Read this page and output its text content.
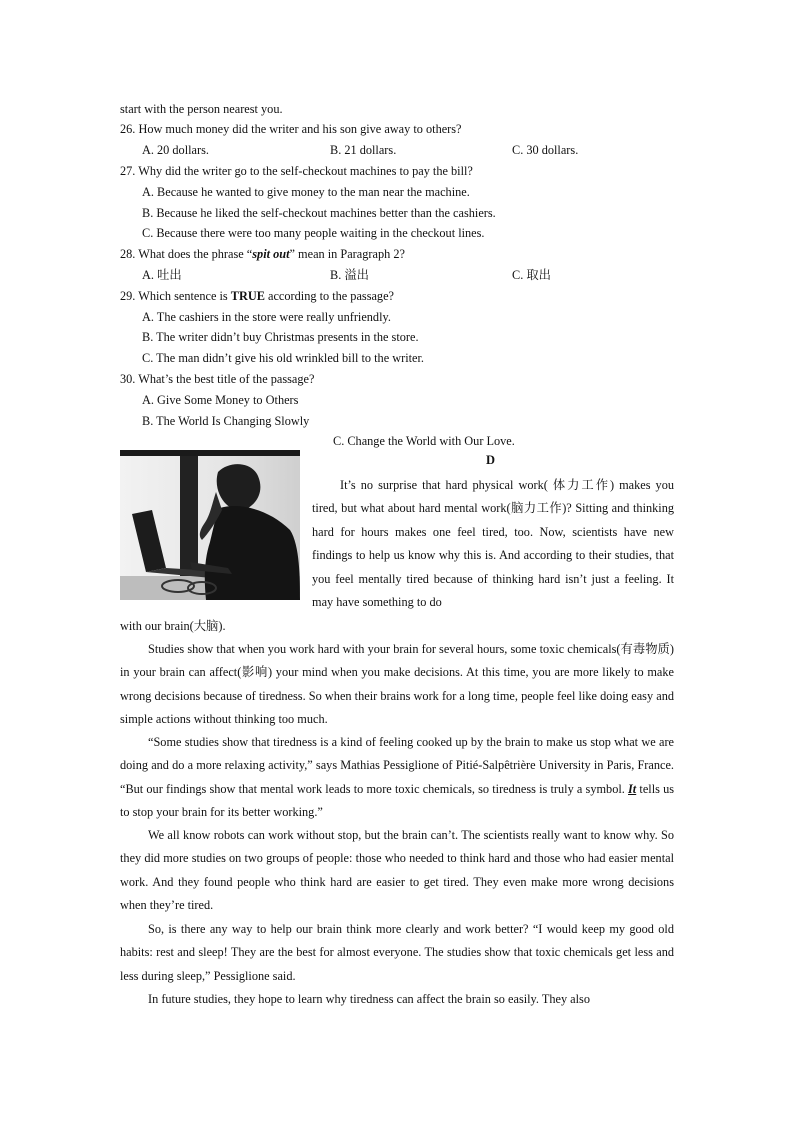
start with the person nearest you.
26. How much money did the writer and his son give away to others?
A. 20 dollars.	B. 21 dollars.	C. 30 dollars.
27. Why did the writer go to the self-checkout machines to pay the bill?
A. Because he wanted to give money to the man near the machine.
B. Because he liked the self-checkout machines better than the cashiers.
C. Because there were too many people waiting in the checkout lines.
28. What does the phrase “spit out” mean in Paragraph 2?
A. 吐出	B. 溢出	C. 取出
29. Which sentence is TRUE according to the passage?
A. The cashiers in the store were really unfriendly.
B. The writer didn’t buy Christmas presents in the store.
C. The man didn’t give his old wrinkled bill to the writer.
30. What’s the best title of the passage?
A. Give Some Money to Others
B. The World Is Changing Slowly
C. Change the World with Our Love.
D

It’s no surprise that hard physical work( 体力工作) makes you tired, but what about hard mental work(脑力工作)? Sitting and thinking hard for hours makes one feel tired, too. Now, scientists have new findings to help us know why this is. And according to their studies, that you feel mentally tired because of thinking hard isn’t just a feeling. It may have something to do

with our brain(大脑).

Studies show that when you work hard with your brain for several hours, some toxic chemicals(有毒物质) in your brain can affect(影响) your mind when you make decisions. At this time, you are more likely to make wrong decisions because of tiredness. So when their brains work for a long time, people feel like doing easy and simple actions without thinking too much.

“Some studies show that tiredness is a kind of feeling cooked up by the brain to make us stop what we are doing and do a more relaxing activity,” says Mathias Pessiglione of Pitié-Salpêtrière University in Paris, France. “But our findings show that mental work leads to more toxic chemicals, so tiredness is truly a symbol. It tells us to stop your brain for its better working.”

We all know robots can work without stop, but the brain can’t. The scientists really want to know why. So they did more studies on two groups of people: those who needed to think hard and those who had easier mental work. And they found people who think hard are easier to get tired. They even make more wrong decisions when they’re tired.

So, is there any way to help our brain think more clearly and work better? “I would keep my good old habits: rest and sleep! They are the best for almost everyone. The studies show that toxic chemicals get less and less during sleep,” Pessiglione said.

In future studies, they hope to learn why tiredness can affect the brain so easily. They also
